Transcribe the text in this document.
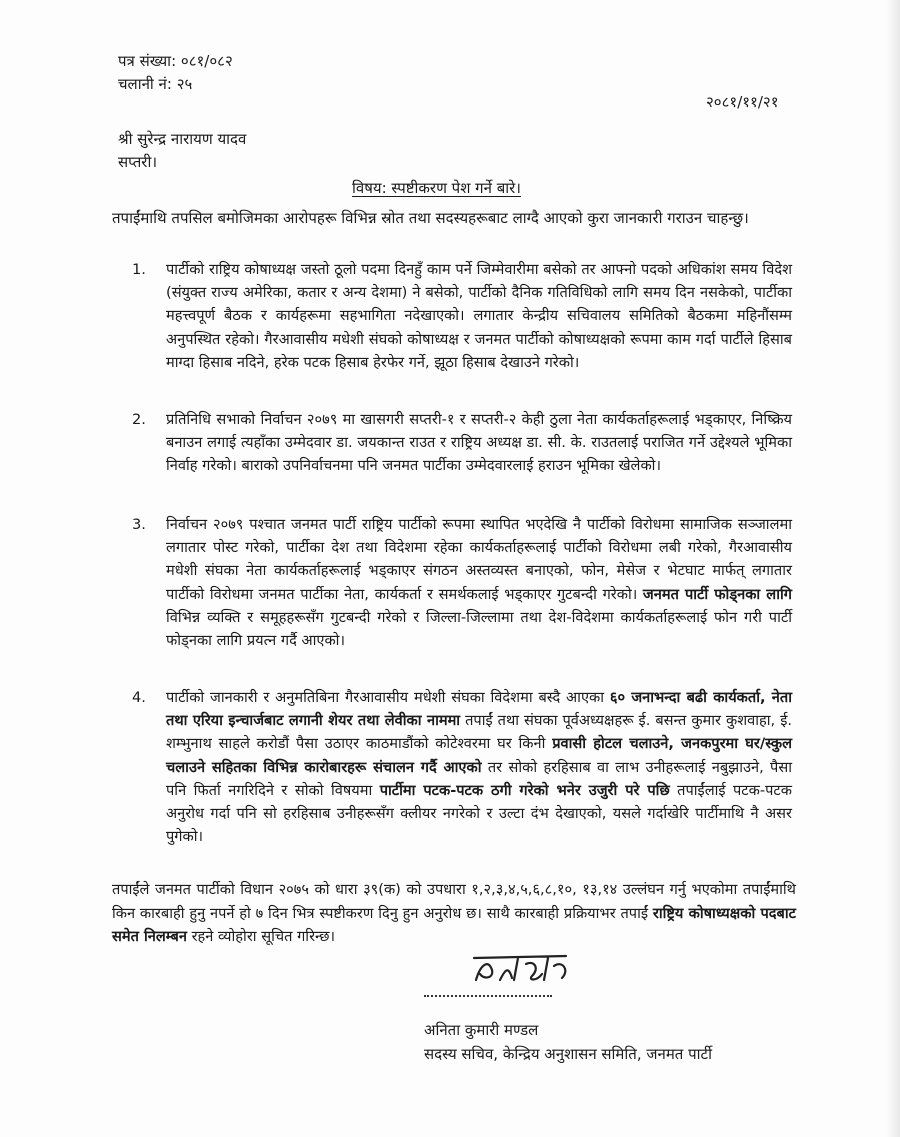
पत्र संख्या: ०८१/०८२
चलानी नं: २५
२०८१/११/२१
श्री सुरेन्द्र नारायण यादव
सप्तरी।
विषय: स्पष्टीकरण पेश गर्ने बारे।
तपाईंमाथि तपसिल बमोजिमका आरोपहरू विभिन्न स्रोत तथा सदस्यहरूबाट लाग्दै आएको कुरा जानकारी गराउन चाहन्छु।
1. पार्टीको राष्ट्रिय कोषाध्यक्ष जस्तो ठूलो पदमा दिनहुँ काम पर्ने जिम्मेवारीमा बसेको तर आफ्नो पदको अधिकांश समय विदेश (संयुक्त राज्य अमेरिका, कतार र अन्य देशमा) ने बसेको, पार्टीको दैनिक गतिविधिको लागि समय दिन नसकेको, पार्टीका महत्त्वपूर्ण बैठक र कार्यहरूमा सहभागिता नदेखाएको। लगातार केन्द्रीय सचिवालय समितिको बैठकमा महिनौंसम्म अनुपस्थित रहेको। गैरआवासीय मधेशी संघको कोषाध्यक्ष र जनमत पार्टीको कोषाध्यक्षको रूपमा काम गर्दा पार्टीले हिसाब माग्दा हिसाब नदिने, हरेक पटक हिसाब हेरफेर गर्ने, झूठा हिसाब देखाउने गरेको।
2. प्रतिनिधि सभाको निर्वाचन २०७९ मा खासगरी सप्तरी-१ र सप्तरी-२ केही ठुला नेता कार्यकर्ताहरूलाई भड्काएर, निष्क्रिय बनाउन लगाई त्यहाँका उम्मेदवार डा. जयकान्त राउत र राष्ट्रिय अध्यक्ष डा. सी. के. राउतलाई पराजित गर्ने उद्देश्यले भूमिका निर्वाह गरेको। बाराको उपनिर्वाचनमा पनि जनमत पार्टीका उम्मेदवारलाई हराउन भूमिका खेलेको।
3. निर्वाचन २०७९ पश्चात जनमत पार्टी राष्ट्रिय पार्टीको रूपमा स्थापित भएदेखि नै पार्टीको विरोधमा सामाजिक सञ्जालमा लगातार पोस्ट गरेको, पार्टीका देश तथा विदेशमा रहेका कार्यकर्ताहरूलाई पार्टीको विरोधमा लबी गरेको, गैरआवासीय मधेशी संघका नेता कार्यकर्ताहरूलाई भड्काएर संगठन अस्तव्यस्त बनाएको, फोन, मेसेज र भेटघाट मार्फत् लगातार पार्टीको विरोधमा जनमत पार्टीका नेता, कार्यकर्ता र समर्थकलाई भड्काएर गुटबन्दी गरेको। जनमत पार्टी फोड्नका लागि विभिन्न व्यक्ति र समूहहरूसँग गुटबन्दी गरेको र जिल्ला-जिल्लामा तथा देश-विदेशमा कार्यकर्ताहरूलाई फोन गरी पार्टी फोड्नका लागि प्रयत्न गर्दै आएको।
4. पार्टीको जानकारी र अनुमतिबिना गैरआवासीय मधेशी संघका विदेशमा बस्दै आएका ६० जनाभन्दा बढी कार्यकर्ता, नेता तथा एरिया इन्चार्जबाट लगानी शेयर तथा लेवीका नाममा तपाईं तथा संघका पूर्वअध्यक्षहरू ई. बसन्त कुमार कुशवाहा, ई. शम्भुनाथ साहले करोडौं पैसा उठाएर काठमाडौंको कोटेश्वरमा घर किनी प्रवासी होटल चलाउने, जनकपुरमा घर/स्कुल चलाउने सहितका विभिन्न कारोबारहरू संचालन गर्दै आएको तर सोको हरहिसाब वा लाभ उनीहरूलाई नबुझाउने, पैसा पनि फिर्ता नगरिदिने र सोको विषयमा पार्टीमा पटक-पटक ठगी गरेको भनेर उजुरी परे पछि तपाईंलाई पटक-पटक अनुरोध गर्दा पनि सो हरहिसाब उनीहरूसँग क्लीयर नगरेको र उल्टा दंभ देखाएको, यसले गर्दाखेरि पार्टीमाथि नै असर पुगेको।
तपाईंले जनमत पार्टीको विधान २०७५ को धारा ३९(क) को उपधारा १,२,३,४,५,६,८,१०, १३,१४ उल्लंघन गर्नु भएकोमा तपाईंमाथि किन कारबाही हुनु नपर्ने हो ७ दिन भित्र स्पष्टीकरण दिनु हुन अनुरोध छ। साथै कारबाही प्रक्रियाभर तपाईं राष्ट्रिय कोषाध्यक्षको पदबाट समेत निलम्बन रहने व्योहोरा सूचित गरिन्छ।
अनिता कुमारी मण्डल
सदस्य सचिव, केन्द्रिय अनुशासन समिति, जनमत पार्टी
